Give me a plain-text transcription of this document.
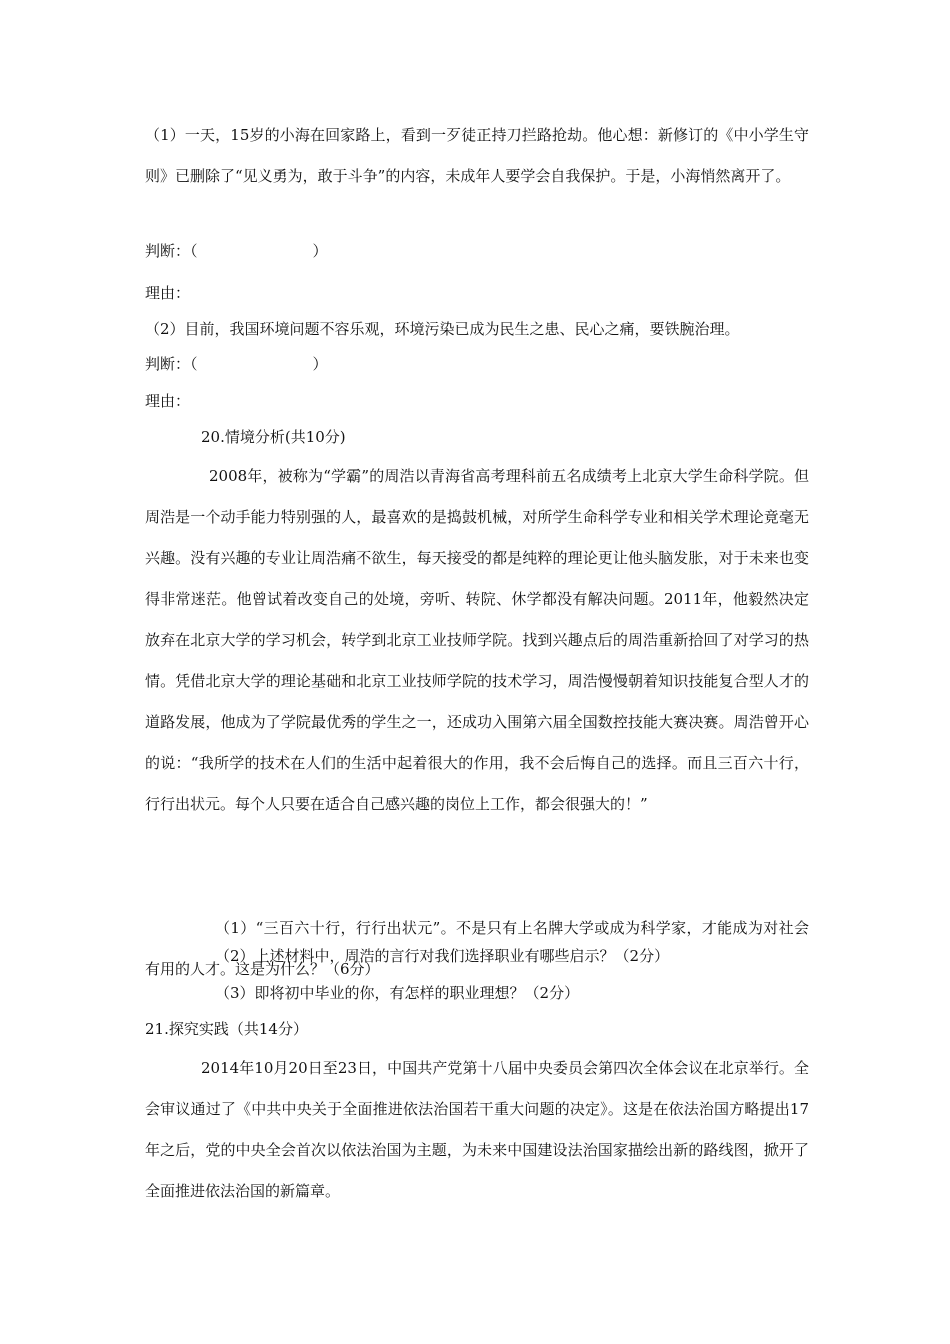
（1）一天，15岁的小海在回家路上，看到一歹徒正持刀拦路抢劫。他心想：新修订的《中小学生守则》已删除了“见义勇为，敢于斗争”的内容，未成年人要学会自我保护。于是，小海悄然离开了。
判断：（	）
理由：
（2）目前，我国环境问题不容乐观，环境污染已成为民生之患、民心之痛，要铁腕治理。
判断：（	）
理由：
20.情境分析(共10分)
2008年，被称为“学霸”的周浩以青海省高考理科前五名成绩考上北京大学生命科学院。但周浩是一个动手能力特别强的人，最喜欢的是捣鼓机械，对所学生命科学专业和相关学术理论竟毫无兴趣。没有兴趣的专业让周浩痛不欲生，每天接受的都是纯粹的理论更让他头脑发胀，对于未来也变得非常迷茫。他曾试着改变自己的处境，旁听、转院、休学都没有解决问题。2011年，他毅然决定放弃在北京大学的学习机会，转学到北京工业技师学院。找到兴趣点后的周浩重新拾回了对学习的热情。凭借北京大学的理论基础和北京工业技师学院的技术学习，周浩慢慢朝着知识技能复合型人才的道路发展，他成为了学院最优秀的学生之一，还成功入围第六届全国数控技能大赛决赛。周浩曾开心的说：“我所学的技术在人们的生活中起着很大的作用，我不会后悔自己的选择。而且三百六十行，行行出状元。每个人只要在适合自己感兴趣的岗位上工作，都会很强大的！”
（1）“三百六十行，行行出状元”。不是只有上名牌大学或成为科学家，才能成为对社会有用的人才。这是为什么？（6分）
（2）上述材料中，周浩的言行对我们选择职业有哪些启示？（2分）
（3）即将初中毕业的你，有怎样的职业理想？（2分）
21.探究实践（共14分）
2014年10月20日至23日，中国共产党第十八届中央委员会第四次全体会议在北京举行。全会审议通过了《中共中央关于全面推进依法治国若干重大问题的决定》。这是在依法治国方略提出17年之后，党的中央全会首次以依法治国为主题，为未来中国建设法治国家描绘出新的路线图，掀开了全面推进依法治国的新篇章。
